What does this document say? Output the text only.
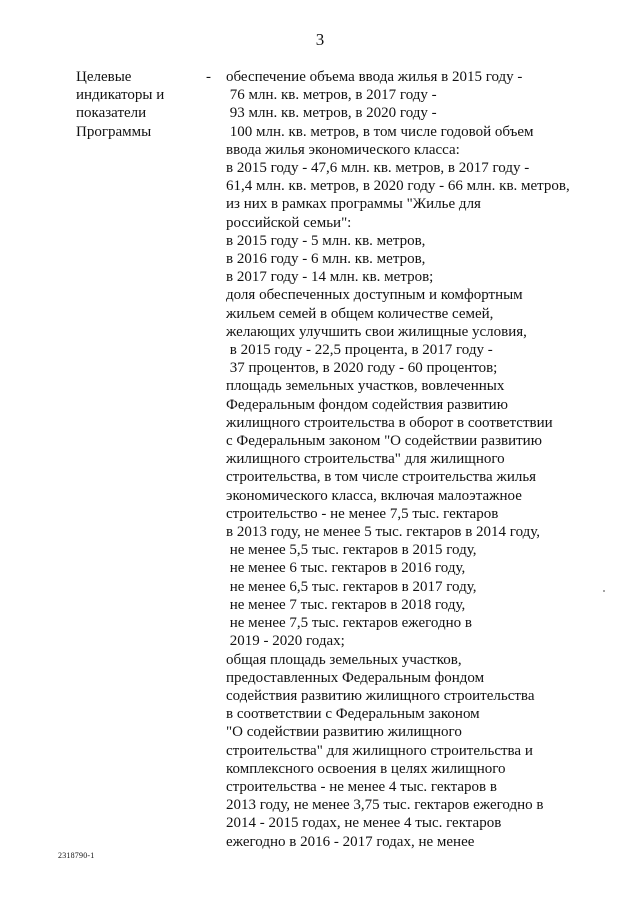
3
Целевые
индикаторы и
показатели
Программы
- обеспечение объема ввода жилья в 2015 году -
76 млн. кв. метров, в 2017 году -
93 млн. кв. метров, в 2020 году -
100 млн. кв. метров, в том числе годовой объем
ввода жилья экономического класса:
в 2015 году - 47,6 млн. кв. метров, в 2017 году -
61,4 млн. кв. метров, в 2020 году - 66 млн. кв. метров,
из них в рамках программы "Жилье для
российской семьи":
в 2015 году - 5 млн. кв. метров,
в 2016 году - 6 млн. кв. метров,
в 2017 году - 14 млн. кв. метров;
доля обеспеченных доступным и комфортным
жильем семей в общем количестве семей,
желающих улучшить свои жилищные условия,
в 2015 году - 22,5 процента, в 2017 году -
37 процентов, в 2020 году - 60 процентов;
площадь земельных участков, вовлеченных
Федеральным фондом содействия развитию
жилищного строительства в оборот в соответствии
с Федеральным законом "О содействии развитию
жилищного строительства" для жилищного
строительства, в том числе строительства жилья
экономического класса, включая малоэтажное
строительство - не менее 7,5 тыс. гектаров
в 2013 году, не менее 5 тыс. гектаров в 2014 году,
не менее 5,5 тыс. гектаров в 2015 году,
не менее 6 тыс. гектаров в 2016 году,
не менее 6,5 тыс. гектаров в 2017 году,
не менее 7 тыс. гектаров в 2018 году,
не менее 7,5 тыс. гектаров ежегодно в
2019 - 2020 годах;
общая площадь земельных участков,
предоставленных Федеральным фондом
содействия развитию жилищного строительства
в соответствии с Федеральным законом
"О содействии развитию жилищного
строительства" для жилищного строительства и
комплексного освоения в целях жилищного
строительства - не менее 4 тыс. гектаров в
2013 году, не менее 3,75 тыс. гектаров ежегодно в
2014 - 2015 годах, не менее 4 тыс. гектаров
ежегодно в 2016 - 2017 годах, не менее
2318790-1
